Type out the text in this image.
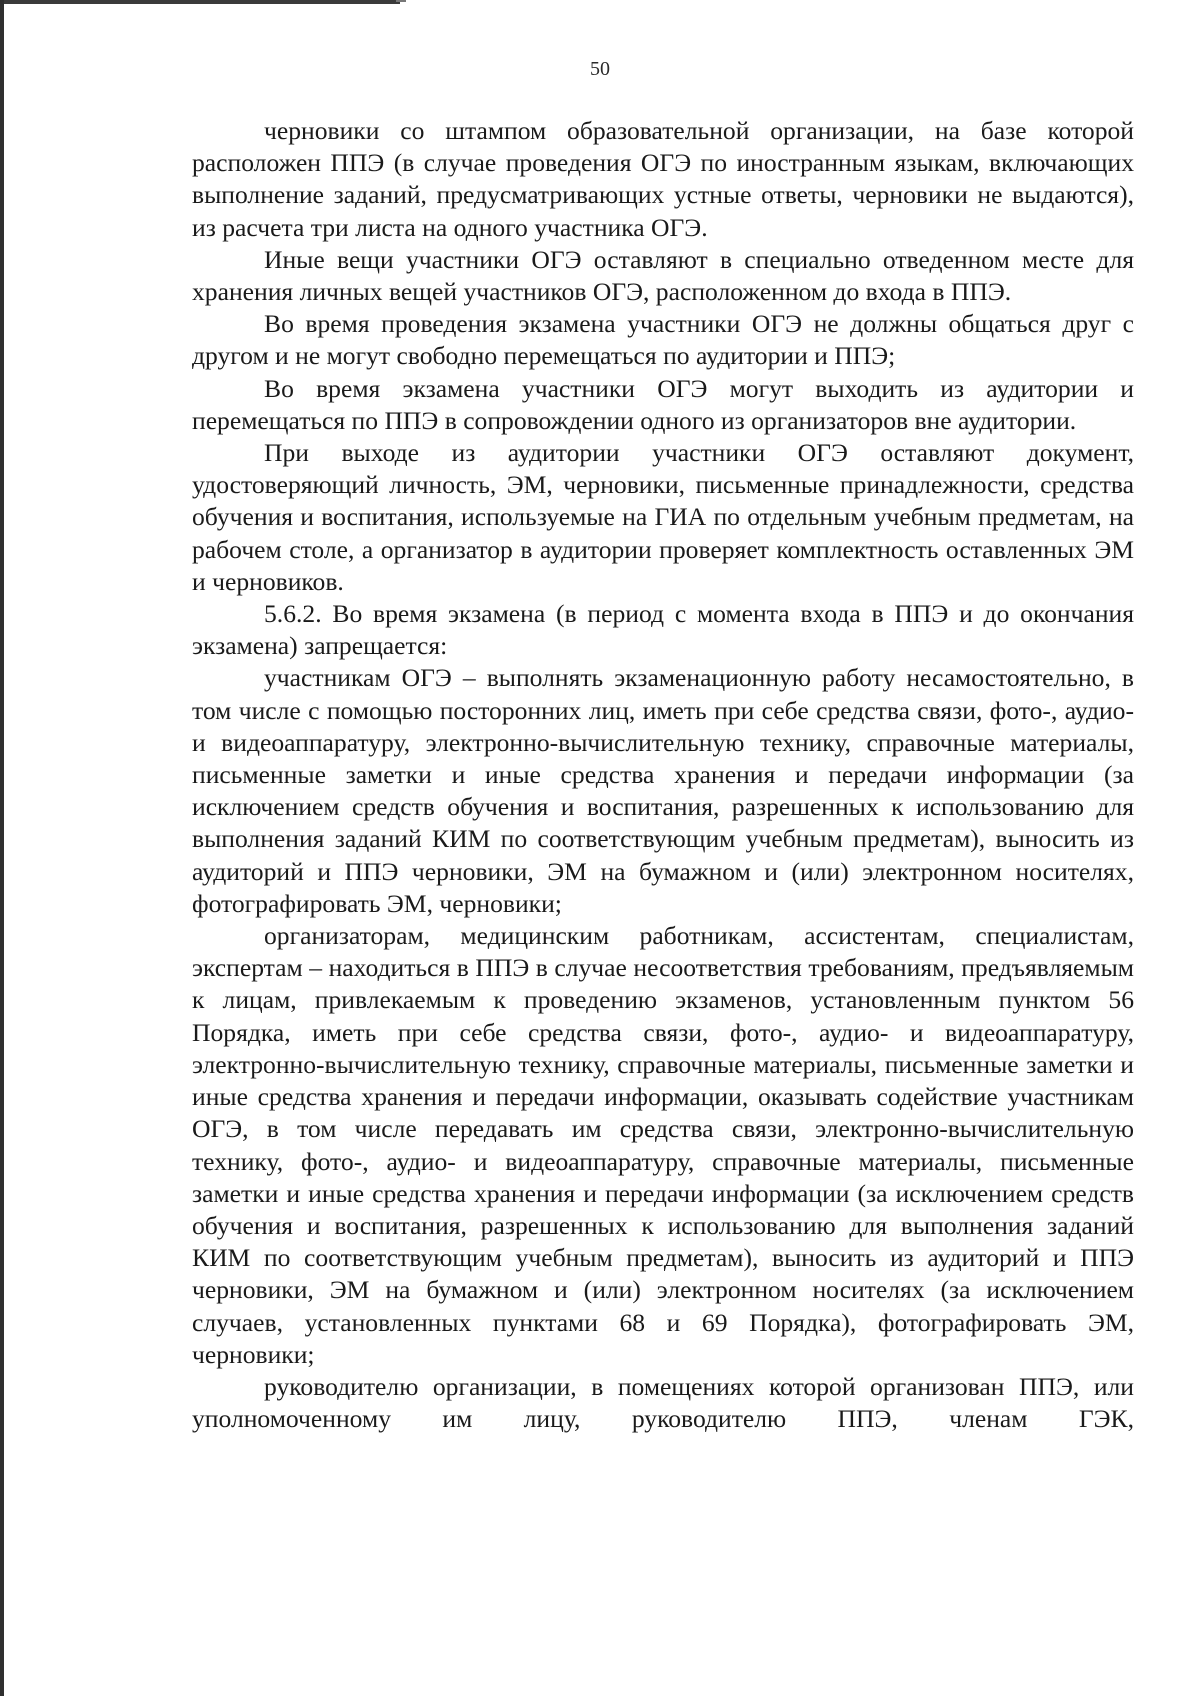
50

черновики со штампом образовательной организации, на базе которой расположен ППЭ (в случае проведения ОГЭ по иностранным языкам, включающих выполнение заданий, предусматривающих устные ответы, черновики не выдаются), из расчета три листа на одного участника ОГЭ.

Иные вещи участники ОГЭ оставляют в специально отведенном месте для хранения личных вещей участников ОГЭ, расположенном до входа в ППЭ.

Во время проведения экзамена участники ОГЭ не должны общаться друг с другом и не могут свободно перемещаться по аудитории и ППЭ;

Во время экзамена участники ОГЭ могут выходить из аудитории и перемещаться по ППЭ в сопровождении одного из организаторов вне аудитории.

При выходе из аудитории участники ОГЭ оставляют документ, удостоверяющий личность, ЭМ, черновики, письменные принадлежности, средства обучения и воспитания, используемые на ГИА по отдельным учебным предметам, на рабочем столе, а организатор в аудитории проверяет комплектность оставленных ЭМ и черновиков.

5.6.2. Во время экзамена (в период с момента входа в ППЭ и до окончания экзамена) запрещается:

участникам ОГЭ – выполнять экзаменационную работу несамостоятельно, в том числе с помощью посторонних лиц, иметь при себе средства связи, фото-, аудио- и видеоаппаратуру, электронно-вычислительную технику, справочные материалы, письменные заметки и иные средства хранения и передачи информации (за исключением средств обучения и воспитания, разрешенных к использованию для выполнения заданий КИМ по соответствующим учебным предметам), выносить из аудиторий и ППЭ черновики, ЭМ на бумажном и (или) электронном носителях, фотографировать ЭМ, черновики;

организаторам, медицинским работникам, ассистентам, специалистам, экспертам – находиться в ППЭ в случае несоответствия требованиям, предъявляемым к лицам, привлекаемым к проведению экзаменов, установленным пунктом 56 Порядка, иметь при себе средства связи, фото-, аудио- и видеоаппаратуру, электронно-вычислительную технику, справочные материалы, письменные заметки и иные средства хранения и передачи информации, оказывать содействие участникам ОГЭ, в том числе передавать им средства связи, электронно-вычислительную технику, фото-, аудио- и видеоаппаратуру, справочные материалы, письменные заметки и иные средства хранения и передачи информации (за исключением средств обучения и воспитания, разрешенных к использованию для выполнения заданий КИМ по соответствующим учебным предметам), выносить из аудиторий и ППЭ черновики, ЭМ на бумажном и (или) электронном носителях (за исключением случаев, установленных пунктами 68 и 69 Порядка), фотографировать ЭМ, черновики;

руководителю организации, в помещениях которой организован ППЭ, или уполномоченному им лицу, руководителю ППЭ, членам ГЭК,
